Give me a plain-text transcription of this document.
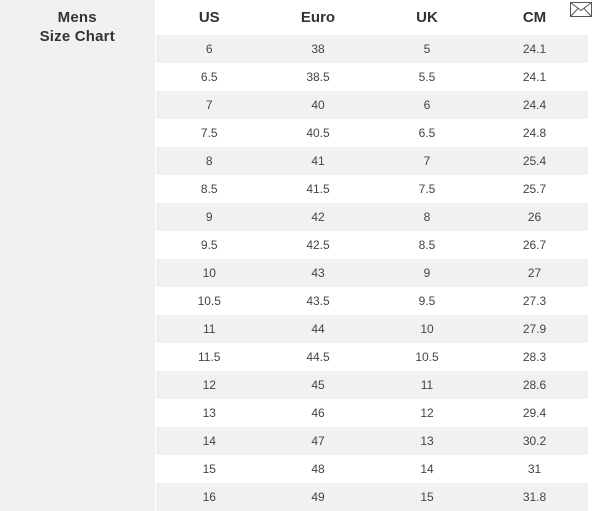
Mens
Size Chart	US	Euro	UK	CM
	6	38	5	24.1
	6.5	38.5	5.5	24.1
	7	40	6	24.4
	7.5	40.5	6.5	24.8
	8	41	7	25.4
	8.5	41.5	7.5	25.7
	9	42	8	26
	9.5	42.5	8.5	26.7
	10	43	9	27
	10.5	43.5	9.5	27.3
	11	44	10	27.9
	11.5	44.5	10.5	28.3
	12	45	11	28.6
	13	46	12	29.4
	14	47	13	30.2
	15	48	14	31
	16	49	15	31.8
